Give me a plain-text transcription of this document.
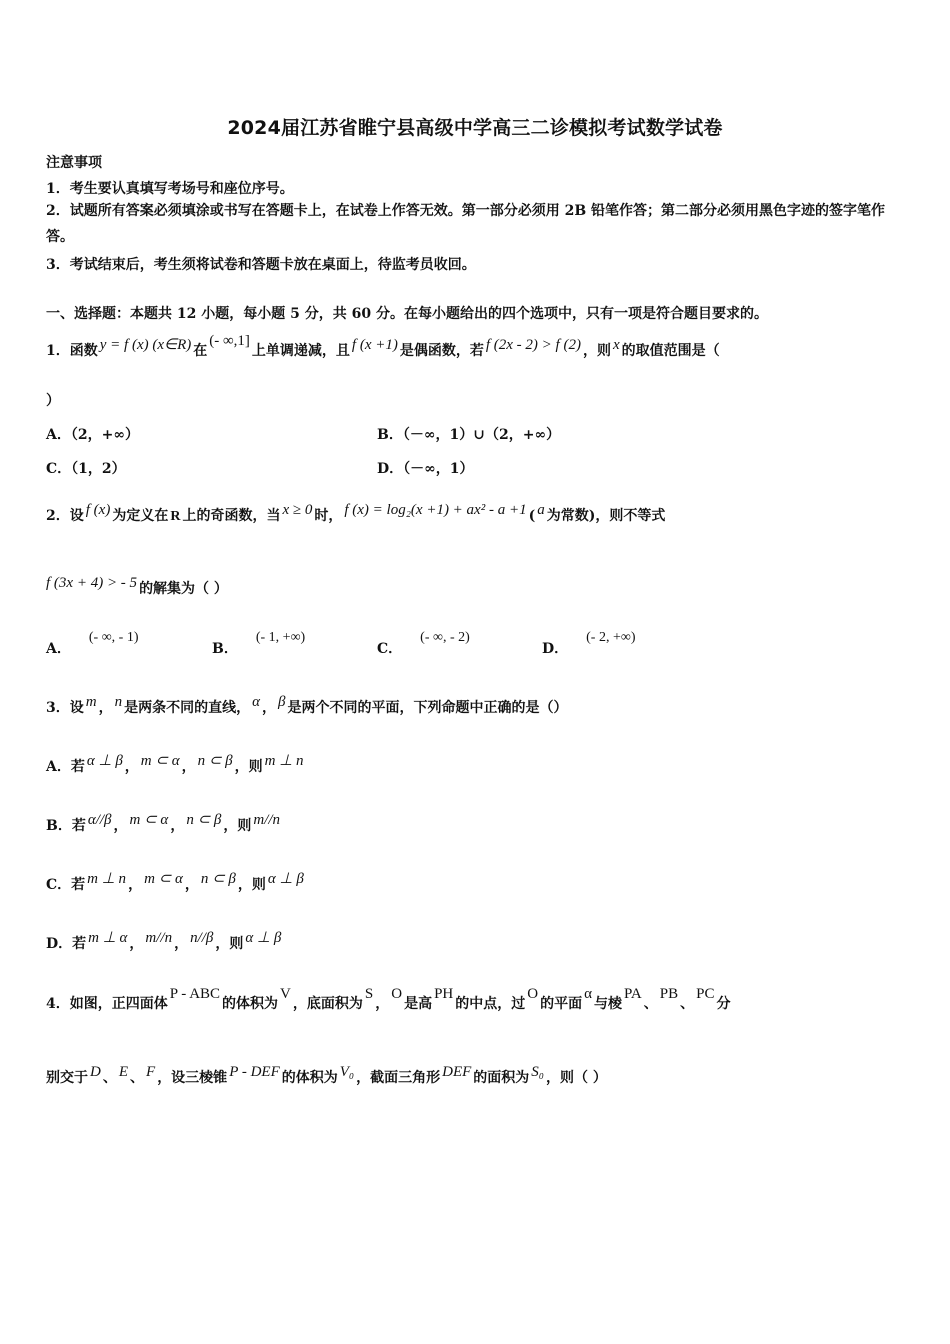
2024届江苏省睢宁县高级中学高三二诊模拟考试数学试卷
注意事项
1．考生要认真填写考场号和座位序号。
2．试题所有答案必须填涂或书写在答题卡上，在试卷上作答无效。第一部分必须用 2B 铅笔作答；第二部分必须用黑色字迹的签字笔作答。
3．考试结束后，考生须将试卷和答题卡放在桌面上，待监考员收回。
一、选择题：本题共 12 小题，每小题 5 分，共 60 分。在每小题给出的四个选项中，只有一项是符合题目要求的。
1．函数 y = f (x) (x∈R) 在(- ∞,1]上单调递减，且 f (x +1) 是偶函数，若 f (2x - 2) > f (2) ，则 x 的取值范围是（
）
A．（2，+∞）	B．（－∞，1）∪（2，+∞）
C．（1，2）	D．（－∞，1）
2．设 f (x) 为定义在 R 上的奇函数，当 x ≥ 0 时， f (x) = log₂(x +1) + ax² - a +1 ( a 为常数)，则不等式
f (3x + 4) > - 5 的解集为（ ）
A．(- ∞, - 1)
B．(- 1, +∞)
C．(- ∞, - 2)
D．(- 2, +∞)
3．设 m ， n 是两条不同的直线， α ， β 是两个不同的平面，下列命题中正确的是（）
A．若 α ⊥ β ， m ⊂ α ， n ⊂ β ，则 m ⊥ n
B．若 α//β ， m ⊂ α ， n ⊂ β ，则 m//n
C．若 m ⊥ n ， m ⊂ α ， n ⊂ β ，则 α ⊥ β
D．若 m ⊥ α ， m//n ， n//β ，则 α ⊥ β
4．如图，正四面体P - ABC的体积为V，底面积为S，O是高PH的中点，过O的平面α与棱PA、PB、PC分
别交于 D 、 E 、 F ，设三棱锥 P - DEF 的体积为 V₀ ，截面三角形 DEF 的面积为 S₀ ，则（ ）
